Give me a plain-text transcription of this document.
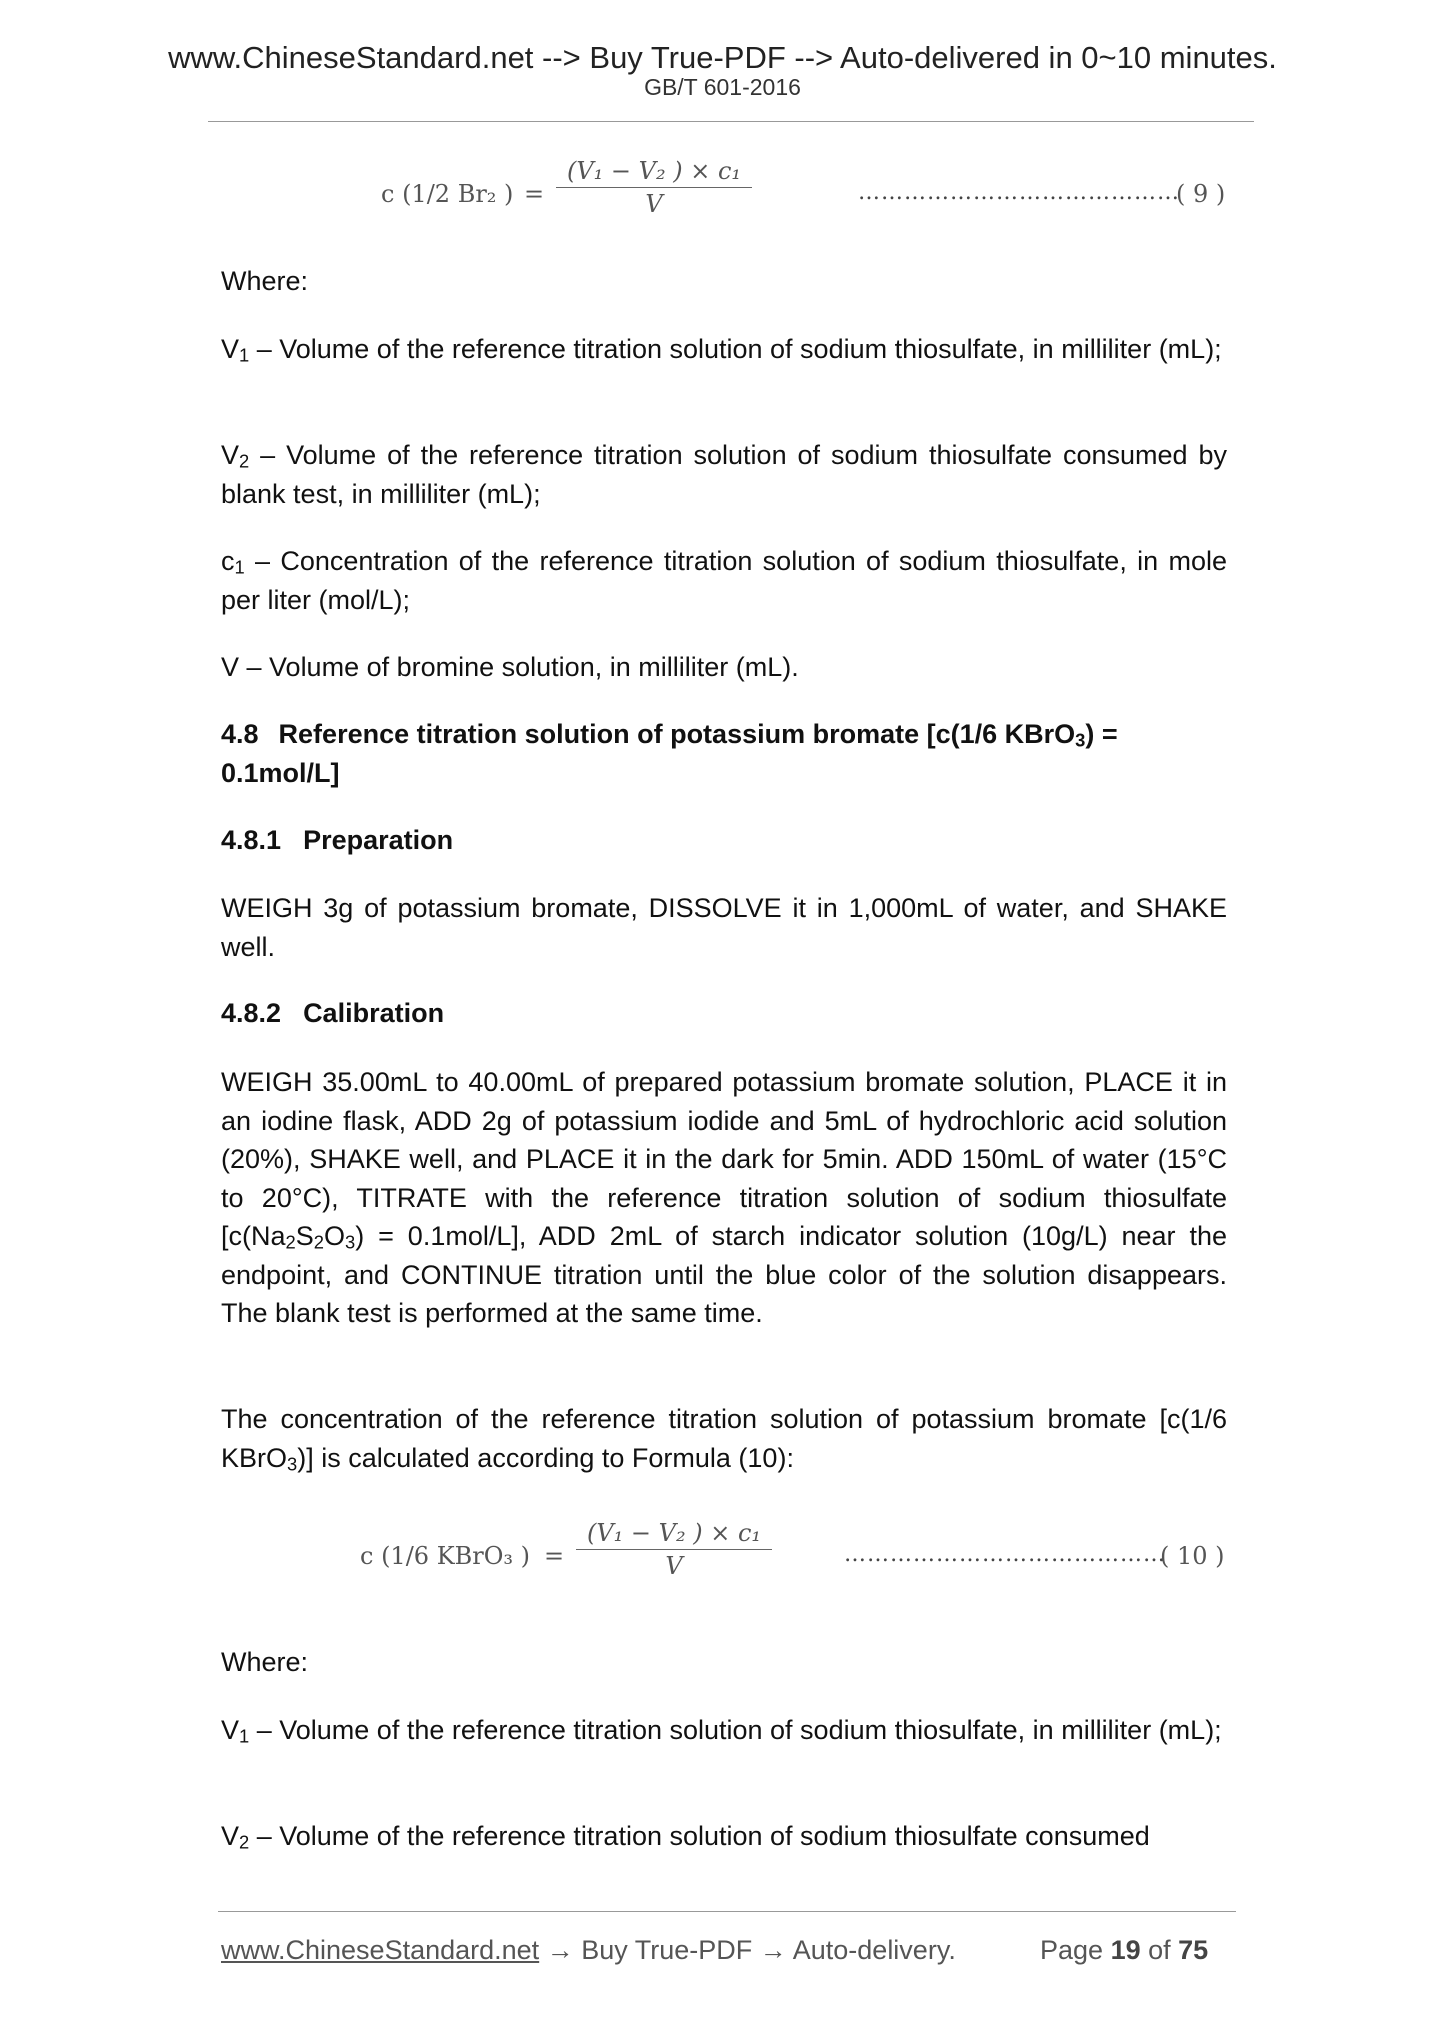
www.ChineseStandard.net --> Buy True-PDF --> Auto-delivered in 0~10 minutes.
GB/T 601-2016
c (1/2 Br₂ ) =
(V₁ − V₂ ) × c₁
V	……………………………………
( 9 )

Where:

$V_1$ – Volume of the reference titration solution of sodium thiosulfate, in milliliter (mL);

$V_2$ – Volume of the reference titration solution of sodium thiosulfate consumed by blank test, in milliliter (mL);

$c_1$ – Concentration of the reference titration solution of sodium thiosulfate, in mole per liter (mol/L);

V – Volume of bromine solution, in milliliter (mL).

4.8 Reference titration solution of potassium bromate [c(1/6 KBrO$_3$) = 0.1mol/L]

4.8.1 Preparation

WEIGH 3g of potassium bromate, DISSOLVE it in 1,000mL of water, and SHAKE well.

4.8.2 Calibration

WEIGH 35.00mL to 40.00mL of prepared potassium bromate solution, PLACE it in an iodine flask, ADD 2g of potassium iodide and 5mL of hydrochloric acid solution (20%), SHAKE well, and PLACE it in the dark for 5min. ADD 150mL of water (15°C to 20°C), TITRATE with the reference titration solution of sodium thiosulfate $[c(Na_2S_2O_3) = 0.1mol/L]$, ADD 2mL of starch indicator solution (10g/L) near the endpoint, and CONTINUE titration until the blue color of the solution disappears. The blank test is performed at the same time.

The concentration of the reference titration solution of potassium bromate [c(1/6 KBrO$_3$)] is calculated according to Formula (10):

c (1/6 KBrO₃ ) =
(V₁ − V₂ ) × c₁
V	……………………………………
( 10 )

Where:

$V_1$ – Volume of the reference titration solution of sodium thiosulfate, in milliliter (mL);

$V_2$ – Volume of the reference titration solution of sodium thiosulfate consumed

www.ChineseStandard.net → Buy True-PDF → Auto-delivery.	Page 19 of 75
